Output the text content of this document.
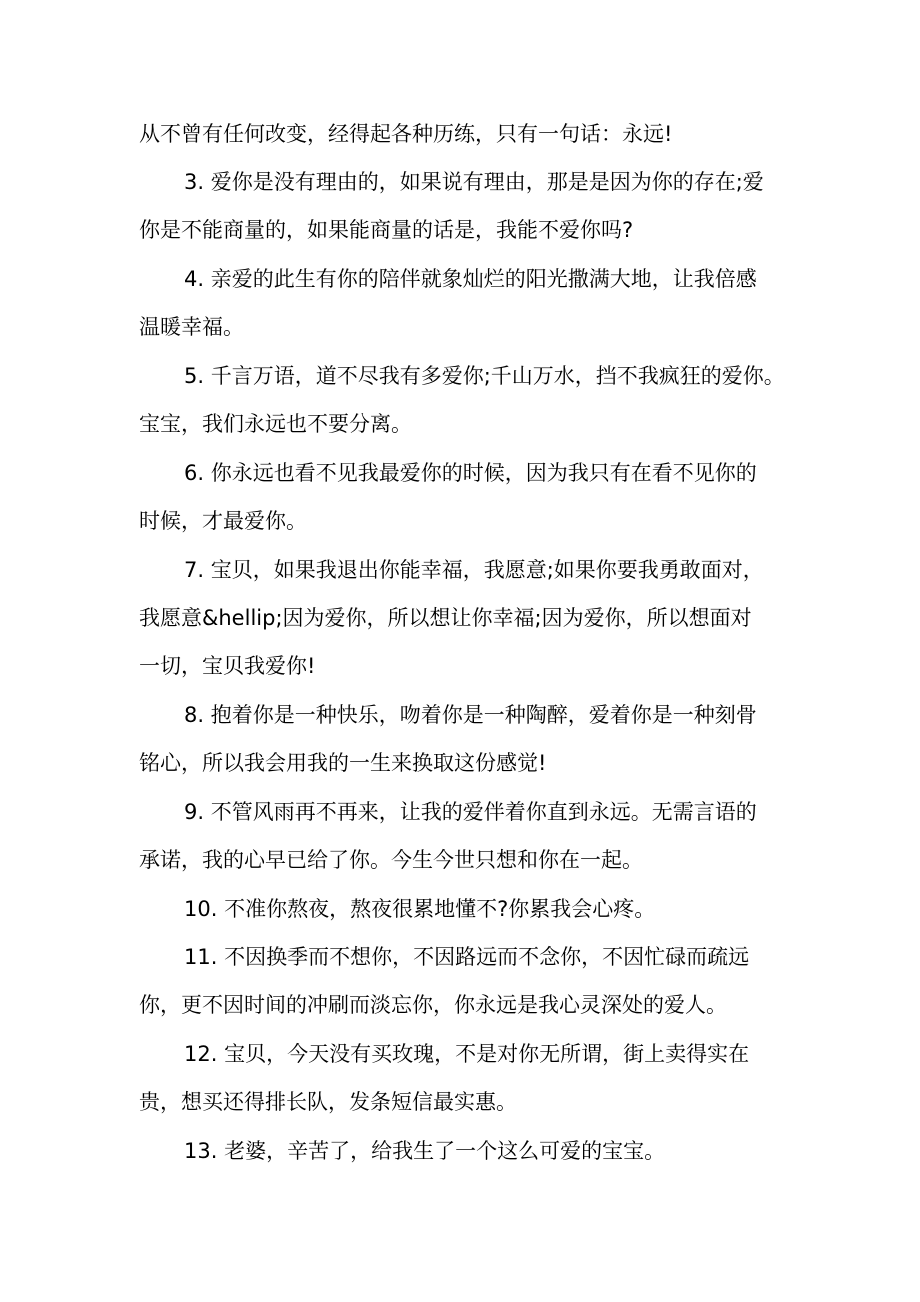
从不曾有任何改变，经得起各种历练，只有一句话：永远!
3. 爱你是没有理由的，如果说有理由，那是是因为你的存在;爱
你是不能商量的，如果能商量的话是，我能不爱你吗?
4. 亲爱的此生有你的陪伴就象灿烂的阳光撒满大地，让我倍感
温暖幸福。
5. 千言万语，道不尽我有多爱你;千山万水，挡不我疯狂的爱你。
宝宝，我们永远也不要分离。
6. 你永远也看不见我最爱你的时候，因为我只有在看不见你的
时候，才最爱你。
7. 宝贝，如果我退出你能幸福，我愿意;如果你要我勇敢面对，
我愿意&hellip;因为爱你，所以想让你幸福;因为爱你，所以想面对
一切，宝贝我爱你!
8. 抱着你是一种快乐，吻着你是一种陶醉，爱着你是一种刻骨
铭心，所以我会用我的一生来换取这份感觉!
9. 不管风雨再不再来，让我的爱伴着你直到永远。无需言语的
承诺，我的心早已给了你。今生今世只想和你在一起。
10. 不准你熬夜，熬夜很累地懂不?你累我会心疼。
11. 不因换季而不想你，不因路远而不念你，不因忙碌而疏远
你，更不因时间的冲刷而淡忘你，你永远是我心灵深处的爱人。
12. 宝贝，今天没有买玫瑰，不是对你无所谓，街上卖得实在
贵，想买还得排长队，发条短信最实惠。
13. 老婆，辛苦了，给我生了一个这么可爱的宝宝。
